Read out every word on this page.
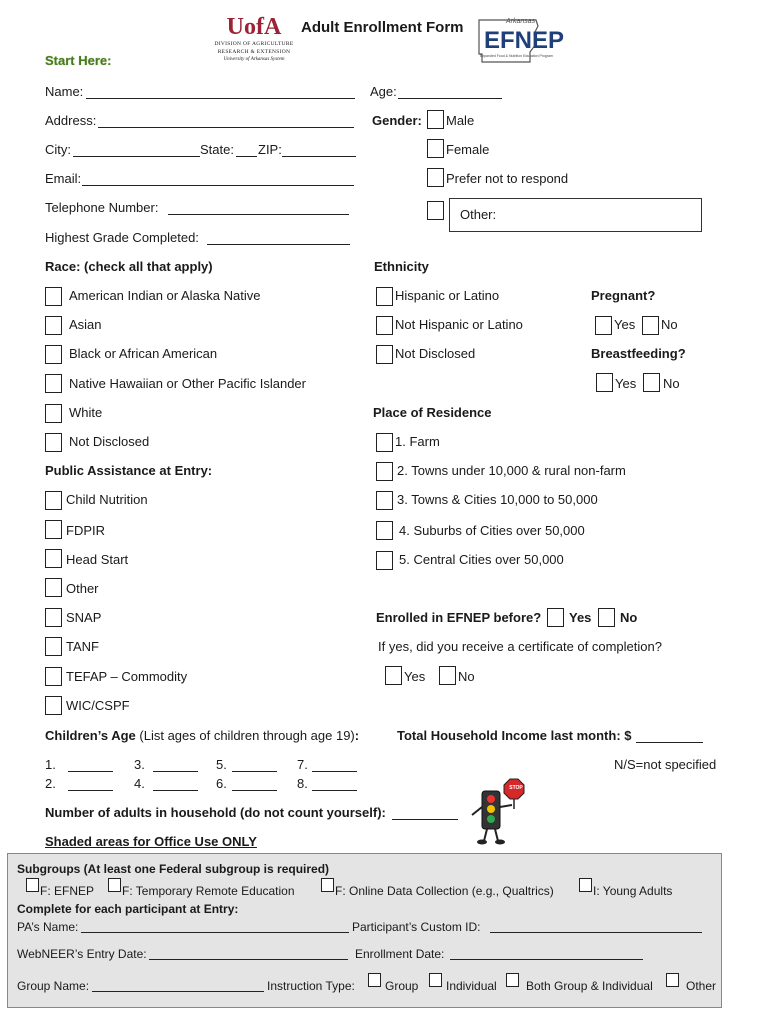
UofA
DIVISION OF AGRICULTURE
RESEARCH & EXTENSION
University of Arkansas System
Adult Enrollment Form	Arkansas
EFNEP
Expanded Food & Nutrition Education Program
Start Here:
Name:	Age:
Address:
City:	State: ZIP:
Email:
Telephone Number:
Highest Grade Completed:
Gender: Male
Female
Prefer not to respond
Other:
Race: (check all that apply)
American Indian or Alaska Native
Asian
Black or African American
Native Hawaiian or Other Pacific Islander
White
Not Disclosed
Ethnicity
Hispanic or Latino
Not Hispanic or Latino
Not Disclosed
Pregnant?
Yes No
Breastfeeding?
Yes No
Place of Residence
1. Farm
2. Towns under 10,000 & rural non-farm
3. Towns & Cities 10,000 to 50,000
4. Suburbs of Cities over 50,000
5. Central Cities over 50,000
Public Assistance at Entry:
Child Nutrition
FDPIR
Head Start
Other
SNAP
TANF
TEFAP – Commodity
WIC/CSPF
Enrolled in EFNEP before? Yes No
If yes, did you receive a certificate of completion?
Yes	No
Children’s Age (List ages of children through age 19):
1.
2.
3.
4.
5.
6.
7.
8.
Total Household Income last month: $
N/S=not specified
Number of adults in household (do not count yourself):
STOP
Shaded areas for Office Use ONLY
Subgroups (At least one Federal subgroup is required)
F: EFNEP F: Temporary Remote Education	F: Online Data Collection (e.g., Qualtrics)	I: Young Adults
Complete for each participant at Entry:
PA’s Name:	Participant’s Custom ID:
WebNEER’s Entry Date:	Enrollment Date:
Group Name:	Instruction Type:	Group Individual Both Group & Individual	Other
